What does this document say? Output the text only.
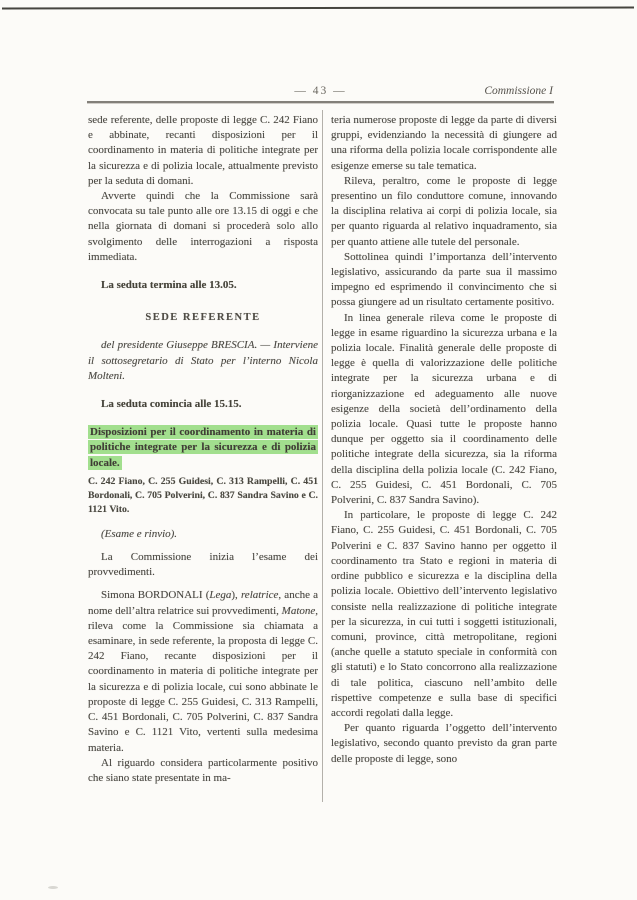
— 43 —	Commissione I

sede referente, delle proposte di legge C. 242 Fiano e abbinate, recanti disposizioni per il coordinamento in materia di politiche integrate per la sicurezza e di polizia locale, attualmente previsto per la seduta di domani.

Avverte quindi che la Commissione sarà convocata su tale punto alle ore 13.15 di oggi e che nella giornata di domani si procederà solo allo svolgimento delle interrogazioni a risposta immediata.

La seduta termina alle 13.05.

SEDE REFERENTE

del presidente Giuseppe BRESCIA. — Interviene il sottosegretario di Stato per l’interno Nicola Molteni.

La seduta comincia alle 15.15.

Disposizioni per il coordinamento in materia di politiche integrate per la sicurezza e di polizia locale.

C. 242 Fiano, C. 255 Guidesi, C. 313 Rampelli, C. 451 Bordonali, C. 705 Polverini, C. 837 Sandra Savino e C. 1121 Vito.

(Esame e rinvio).

La Commissione inizia l’esame dei provvedimenti.

Simona BORDONALI (Lega), relatrice, anche a nome dell’altra relatrice sui provvedimenti, Matone, rileva come la Commissione sia chiamata a esaminare, in sede referente, la proposta di legge C. 242 Fiano, recante disposizioni per il coordinamento in materia di politiche integrate per la sicurezza e di polizia locale, cui sono abbinate le proposte di legge C. 255 Guidesi, C. 313 Rampelli, C. 451 Bordonali, C. 705 Polverini, C. 837 Sandra Savino e C. 1121 Vito, vertenti sulla medesima materia.

Al riguardo considera particolarmente positivo che siano state presentate in ma-

teria numerose proposte di legge da parte di diversi gruppi, evidenziando la necessità di giungere ad una riforma della polizia locale corrispondente alle esigenze emerse su tale tematica.

Rileva, peraltro, come le proposte di legge presentino un filo conduttore comune, innovando la disciplina relativa ai corpi di polizia locale, sia per quanto riguarda al relativo inquadramento, sia per quanto attiene alle tutele del personale.

Sottolinea quindi l’importanza dell’intervento legislativo, assicurando da parte sua il massimo impegno ed esprimendo il convincimento che si possa giungere ad un risultato certamente positivo.

In linea generale rileva come le proposte di legge in esame riguardino la sicurezza urbana e la polizia locale. Finalità generale delle proposte di legge è quella di valorizzazione delle politiche integrate per la sicurezza urbana e di riorganizzazione ed adeguamento alle nuove esigenze della società dell’ordinamento della polizia locale. Quasi tutte le proposte hanno dunque per oggetto sia il coordinamento delle politiche integrate della sicurezza, sia la riforma della disciplina della polizia locale (C. 242 Fiano, C. 255 Guidesi, C. 451 Bordonali, C. 705 Polverini, C. 837 Sandra Savino).

In particolare, le proposte di legge C. 242 Fiano, C. 255 Guidesi, C. 451 Bordonali, C. 705 Polverini e C. 837 Savino hanno per oggetto il coordinamento tra Stato e regioni in materia di ordine pubblico e sicurezza e la disciplina della polizia locale. Obiettivo dell’intervento legislativo consiste nella realizzazione di politiche integrate per la sicurezza, in cui tutti i soggetti istituzionali, comuni, province, città metropolitane, regioni (anche quelle a statuto speciale in conformità con gli statuti) e lo Stato concorrono alla realizzazione di tale politica, ciascuno nell’ambito delle rispettive competenze e sulla base di specifici accordi regolati dalla legge.

Per quanto riguarda l’oggetto dell’intervento legislativo, secondo quanto previsto da gran parte delle proposte di legge, sono
